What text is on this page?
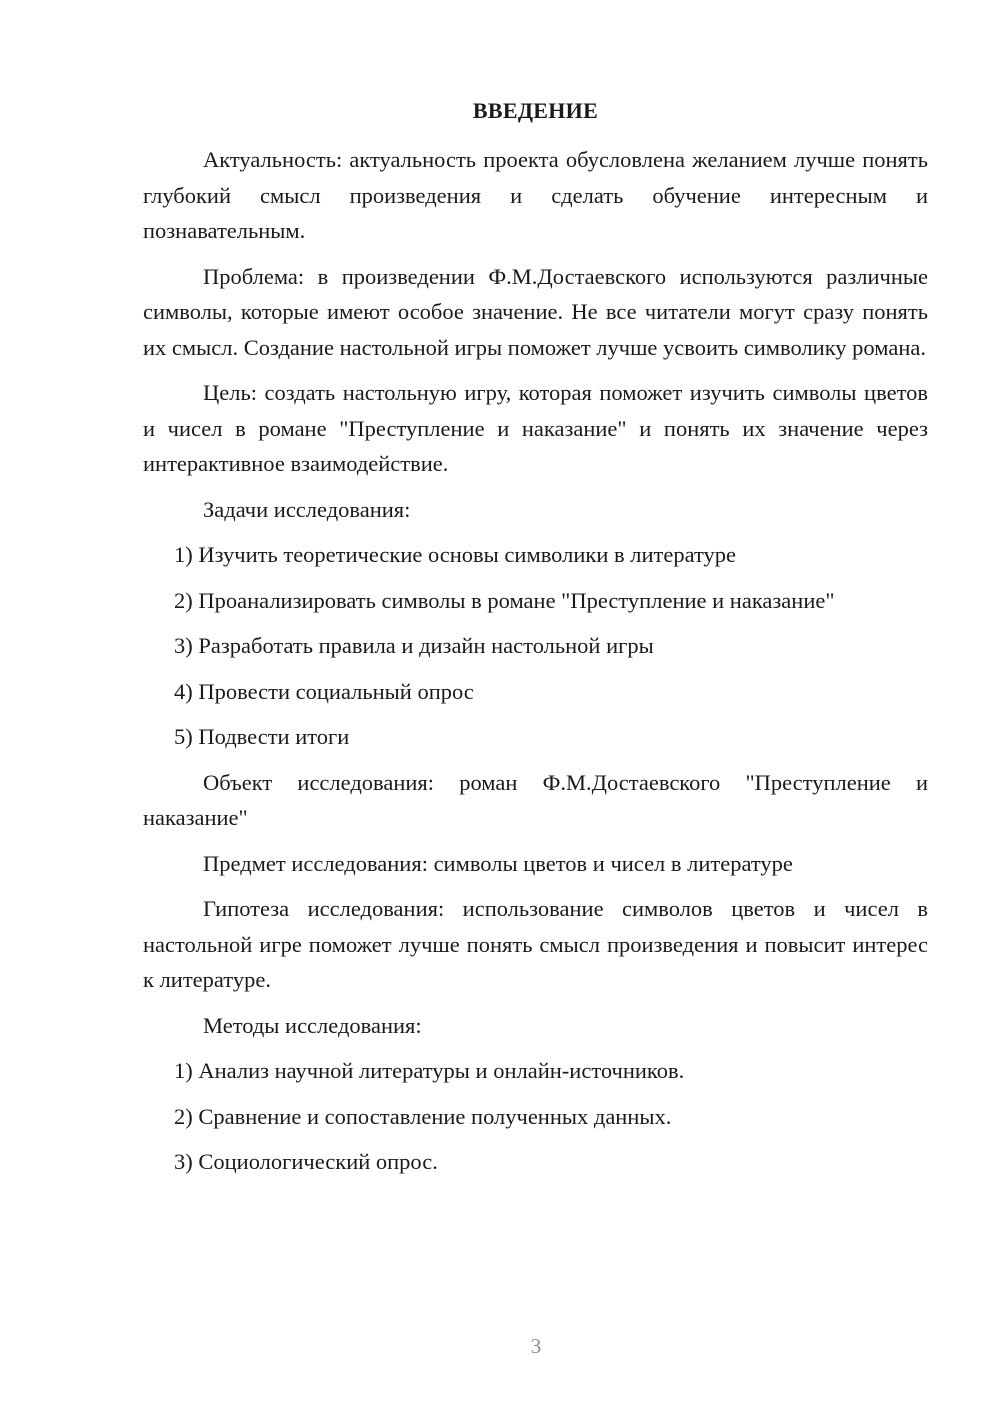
ВВЕДЕНИЕ

Актуальность: актуальность проекта обусловлена желанием лучше понять глубокий смысл произведения и сделать обучение интересным и познавательным.

Проблема: в произведении Ф.М.Достаевского используются различные символы, которые имеют особое значение. Не все читатели могут сразу понять их смысл. Создание настольной игры поможет лучше усвоить символику романа.

Цель: создать настольную игру, которая поможет изучить символы цветов и чисел в романе "Преступление и наказание" и понять их значение через интерактивное взаимодействие.

Задачи исследования:

1) Изучить теоретические основы символики в литературе

2) Проанализировать символы в романе "Преступление и наказание"

3) Разработать правила и дизайн настольной игры

4) Провести социальный опрос

5) Подвести итоги

Объект исследования: роман Ф.М.Достаевского "Преступление и наказание"

Предмет исследования: символы цветов и чисел в литературе

Гипотеза исследования: использование символов цветов и чисел в настольной игре поможет лучше понять смысл произведения и повысит интерес к литературе.

Методы исследования:

1) Анализ научной литературы и онлайн-источников.

2) Сравнение и сопоставление полученных данных.

3) Социологический опрос.

3
